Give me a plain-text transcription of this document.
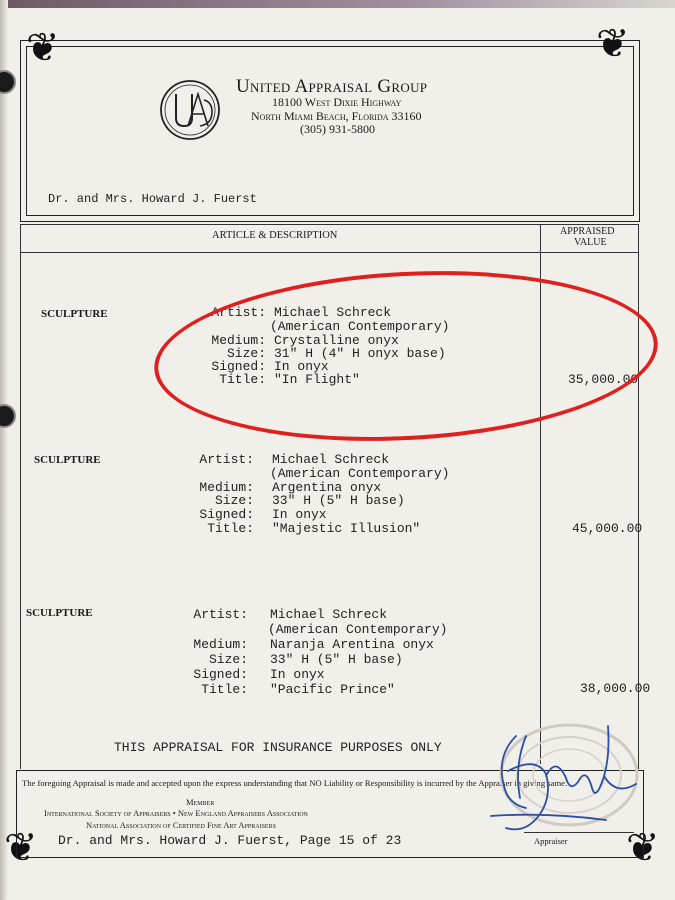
❦	❦
❦	❦
United Appraisal Group
18100 West Dixie Highway
North Miami Beach, Florida 33160
(305) 931-5800
Dr. and Mrs. Howard J. Fuerst
ARTICLE & DESCRIPTION	APPRAISED
VALUE
SCULPTURE	Artist: Michael Schreck
(American Contemporary)
Medium: Crystalline onyx
Size: 31" H (4" H onyx base)
Signed: In onyx
Title: "In Flight"	35,000.00
SCULPTURE	Artist: Michael Schreck
(American Contemporary)
Medium: Argentina onyx
Size: 33" H (5" H base)
Signed: In onyx
Title: "Majestic Illusion"	45,000.00
SCULPTURE	Artist: Michael Schreck
(American Contemporary)
Medium: Naranja Arentina onyx
Size: 33" H (5" H base)
Signed: In onyx
Title: "Pacific Prince"	38,000.00
THIS APPRAISAL FOR INSURANCE PURPOSES ONLY
The foregoing Appraisal is made and accepted upon the express understanding that NO Liability or Responsibility is incurred by the Appraiser in giving same.
Member
International Society of Appraisers • New England Appraisers Association
National Association of Certified Fine Art Appraisers
Dr. and Mrs. Howard J. Fuerst, Page 15 of 23	Appraiser
